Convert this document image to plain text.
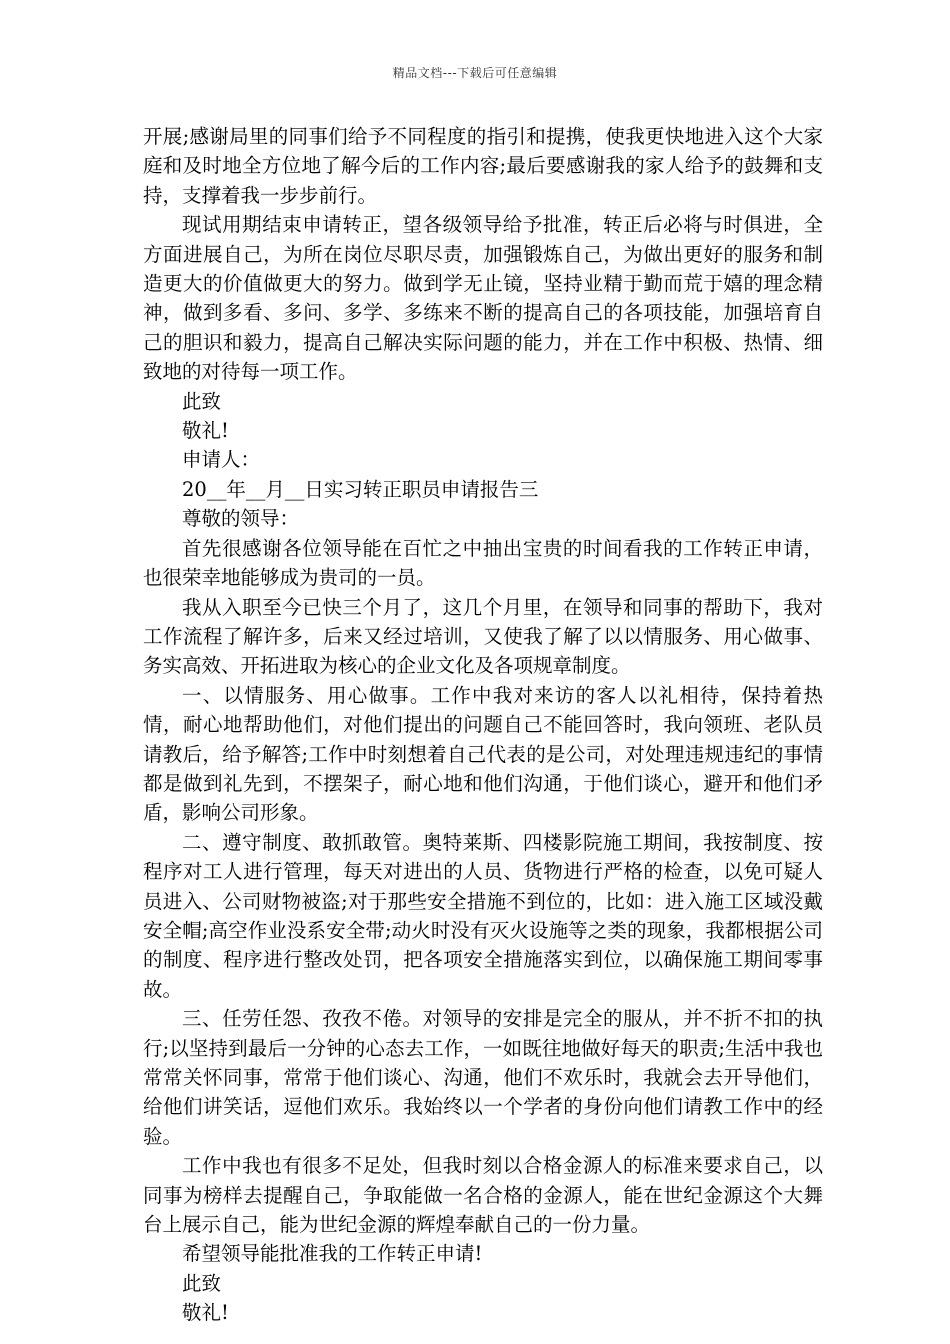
精品文档---下载后可任意编辑

开展;感谢局里的同事们给予不同程度的指引和提携，使我更快地进入这个大家庭和及时地全方位地了解今后的工作内容;最后要感谢我的家人给予的鼓舞和支持，支撑着我一步步前行。

现试用期结束申请转正，望各级领导给予批准，转正后必将与时俱进，全方面进展自己，为所在岗位尽职尽责，加强锻炼自己，为做出更好的服务和制造更大的价值做更大的努力。做到学无止镜，坚持业精于勤而荒于嬉的理念精神，做到多看、多问、多学、多练来不断的提高自己的各项技能，加强培育自己的胆识和毅力，提高自己解决实际问题的能力，并在工作中积极、热情、细致地的对待每一项工作。

此致

敬礼!

申请人：

20__年__月__日实习转正职员申请报告三

尊敬的领导：

首先很感谢各位领导能在百忙之中抽出宝贵的时间看我的工作转正申请，也很荣幸地能够成为贵司的一员。

我从入职至今已快三个月了，这几个月里，在领导和同事的帮助下，我对工作流程了解许多，后来又经过培训，又使我了解了以以情服务、用心做事、务实高效、开拓进取为核心的企业文化及各项规章制度。

一、以情服务、用心做事。工作中我对来访的客人以礼相待，保持着热情，耐心地帮助他们，对他们提出的问题自己不能回答时，我向领班、老队员请教后，给予解答;工作中时刻想着自己代表的是公司，对处理违规违纪的事情都是做到礼先到，不摆架子，耐心地和他们沟通，于他们谈心，避开和他们矛盾，影响公司形象。

二、遵守制度、敢抓敢管。奥特莱斯、四楼影院施工期间，我按制度、按程序对工人进行管理，每天对进出的人员、货物进行严格的检查，以免可疑人员进入、公司财物被盗;对于那些安全措施不到位的，比如：进入施工区域没戴安全帽;高空作业没系安全带;动火时没有灭火设施等之类的现象，我都根据公司的制度、程序进行整改处罚，把各项安全措施落实到位，以确保施工期间零事故。

三、任劳任怨、孜孜不倦。对领导的安排是完全的服从，并不折不扣的执行;以坚持到最后一分钟的心态去工作，一如既往地做好每天的职责;生活中我也常常关怀同事，常常于他们谈心、沟通，他们不欢乐时，我就会去开导他们，给他们讲笑话，逗他们欢乐。我始终以一个学者的身份向他们请教工作中的经验。

工作中我也有很多不足处，但我时刻以合格金源人的标准来要求自己，以同事为榜样去提醒自己，争取能做一名合格的金源人，能在世纪金源这个大舞台上展示自己，能为世纪金源的辉煌奉献自己的一份力量。

希望领导能批准我的工作转正申请!

此致

敬礼!
